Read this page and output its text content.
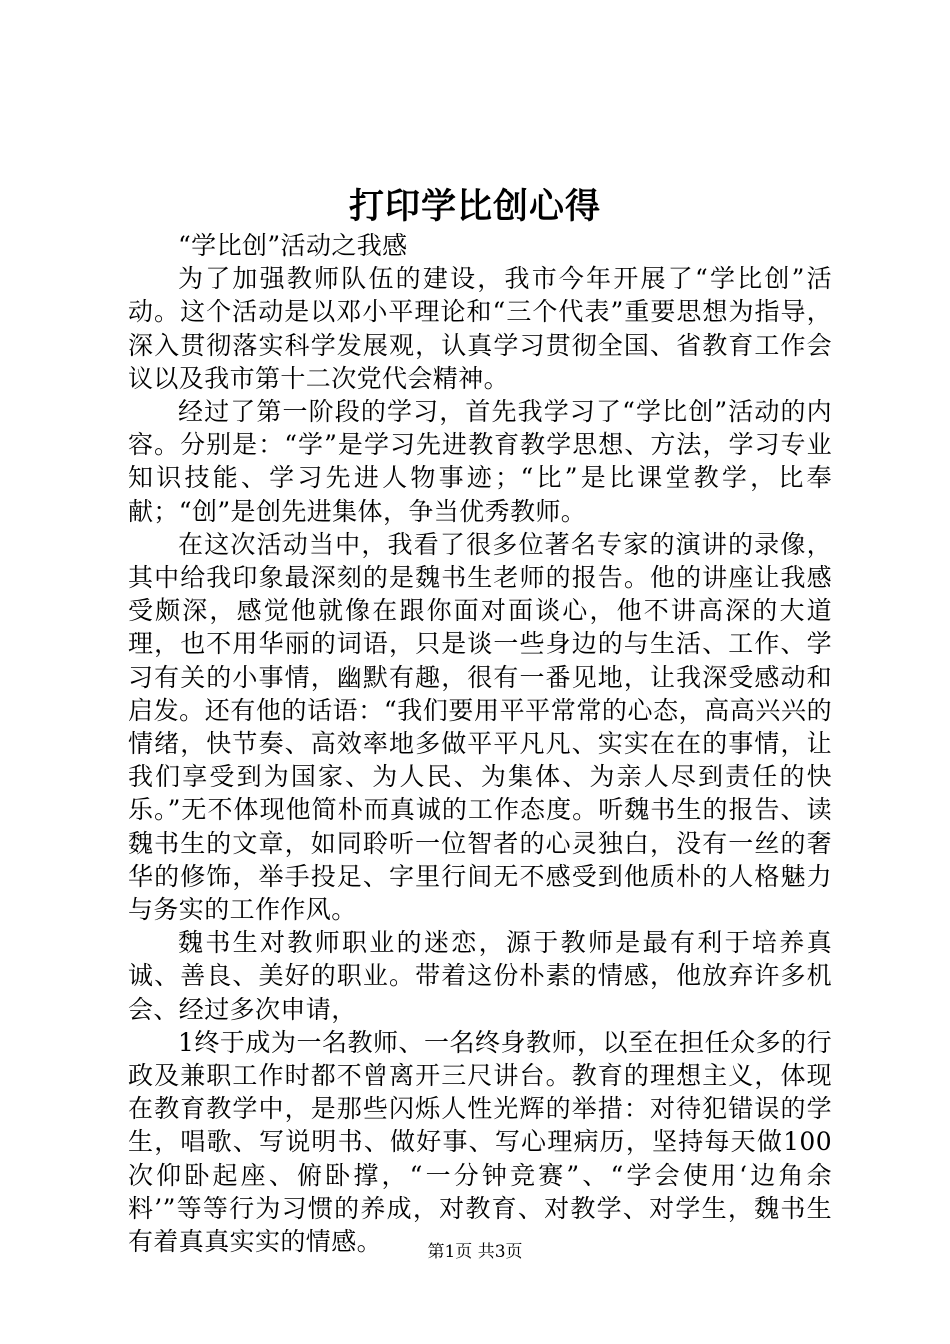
打印学比创心得

“学比创”活动之我感

为了加强教师队伍的建设，我市今年开展了“学比创”活动。这个活动是以邓小平理论和“三个代表”重要思想为指导，深入贯彻落实科学发展观，认真学习贯彻全国、省教育工作会议以及我市第十二次党代会精神。

经过了第一阶段的学习，首先我学习了“学比创”活动的内容。分别是：“学”是学习先进教育教学思想、方法，学习专业知识技能、学习先进人物事迹；“比”是比课堂教学，比奉献；“创”是创先进集体，争当优秀教师。

在这次活动当中，我看了很多位著名专家的演讲的录像，其中给我印象最深刻的是魏书生老师的报告。他的讲座让我感受颇深，感觉他就像在跟你面对面谈心，他不讲高深的大道理，也不用华丽的词语，只是谈一些身边的与生活、工作、学习有关的小事情，幽默有趣，很有一番见地，让我深受感动和启发。还有他的话语：“我们要用平平常常的心态，高高兴兴的情绪，快节奏、高效率地多做平平凡凡、实实在在的事情，让我们享受到为国家、为人民、为集体、为亲人尽到责任的快乐。”无不体现他简朴而真诚的工作态度。听魏书生的报告、读魏书生的文章，如同聆听一位智者的心灵独白，没有一丝的奢华的修饰，举手投足、字里行间无不感受到他质朴的人格魅力与务实的工作作风。

魏书生对教师职业的迷恋，源于教师是最有利于培养真诚、善良、美好的职业。带着这份朴素的情感，他放弃许多机会、经过多次申请，

1终于成为一名教师、一名终身教师，以至在担任众多的行政及兼职工作时都不曾离开三尺讲台。教育的理想主义，体现在教育教学中，是那些闪烁人性光辉的举措：对待犯错误的学生，唱歌、写说明书、做好事、写心理病历，坚持每天做100次仰卧起座、俯卧撑，“一分钟竞赛”、“学会使用‘边角余料’”等等行为习惯的养成，对教育、对教学、对学生，魏书生有着真真实实的情感。	第1页 共3页
